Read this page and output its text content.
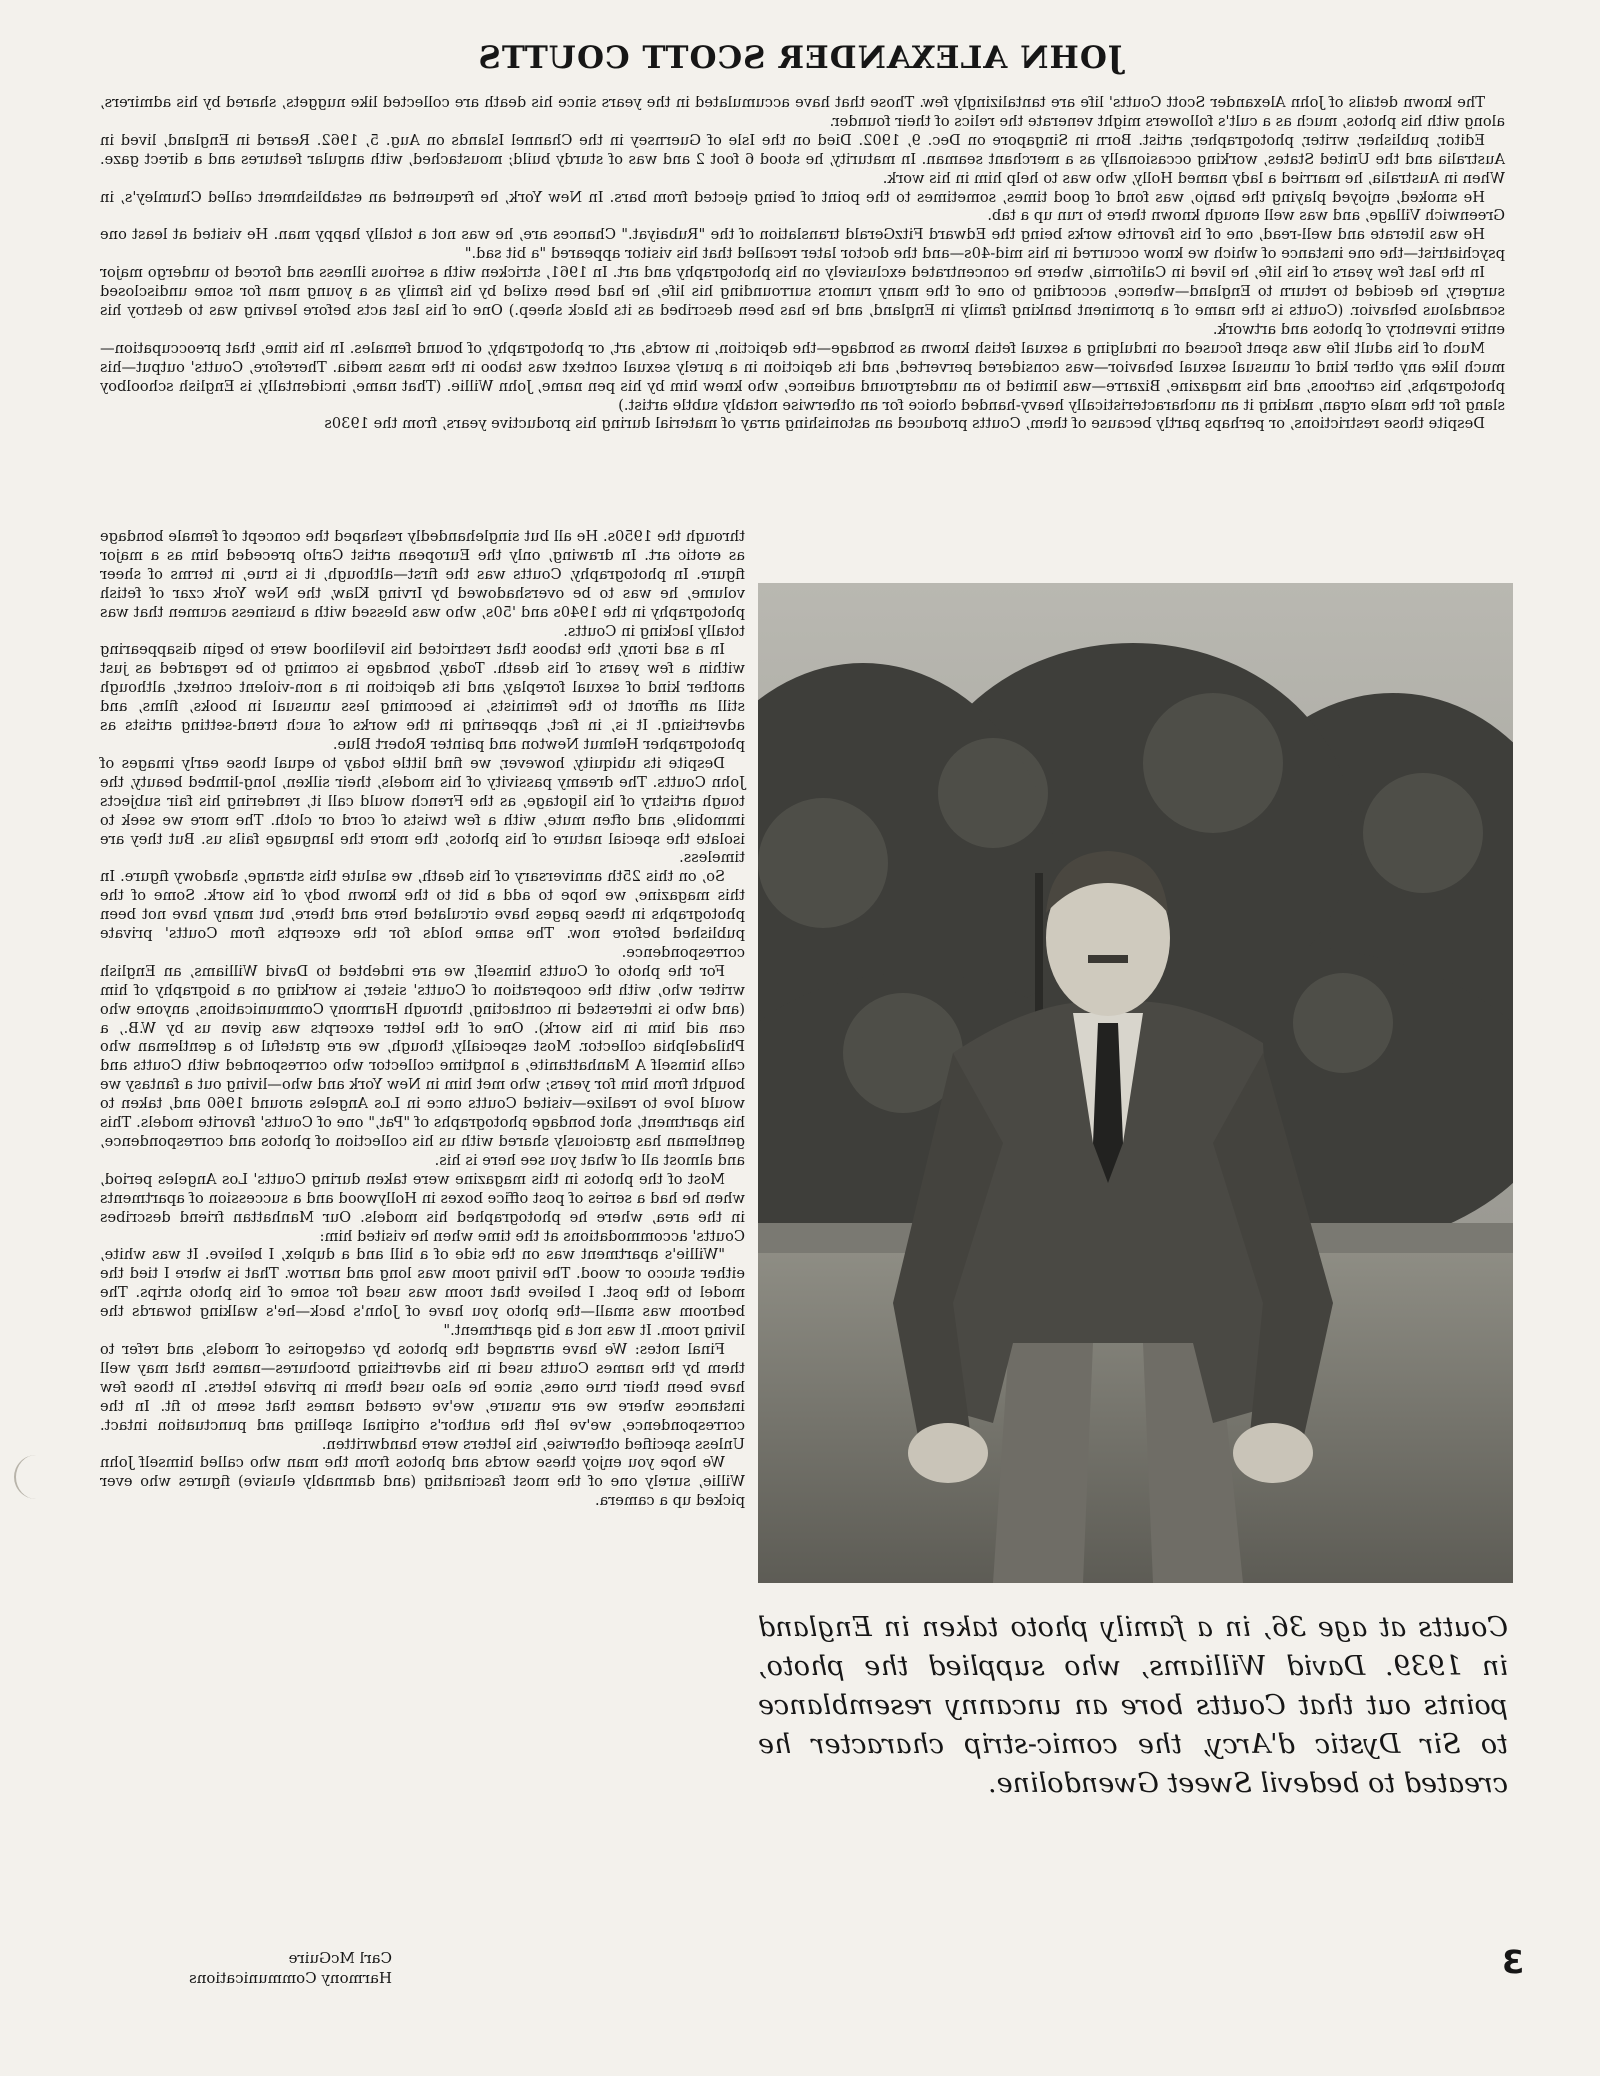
JOHN ALEXANDER SCOTT COUTTS

The known details of John Alexander Scott Coutts' life are tantalizingly few. Those that have accumulated in the years since his death are collected like nuggets, shared by his admirers, along with his photos, much as a cult's followers might venerate the relics of their founder.

Editor, publisher, writer, photographer, artist. Born in Singapore on Dec. 9, 1902. Died on the Isle of Guernsey in the Channel Islands on Aug. 5, 1962. Reared in England, lived in Australia and the United States, working occasionally as a merchant seaman. In maturity, he stood 6 foot 2 and was of sturdy build; moustached, with angular features and a direct gaze. When in Australia, he married a lady named Holly, who was to help him in his work.

He smoked, enjoyed playing the banjo, was fond of good times, sometimes to the point of being ejected from bars. In New York, he frequented an establishment called Chumley's, in Greenwich Village, and was well enough known there to run up a tab.

He was literate and well-read, one of his favorite works being the Edward FitzGerald translation of the "Rubaiyat." Chances are, he was not a totally happy man. He visited at least one psychiatrist—the one instance of which we know occurred in his mid-40s—and the doctor later recalled that his visitor appeared "a bit sad."

In the last few years of his life, he lived in California, where he concentrated exclusively on his photography and art. In 1961, stricken with a serious illness and forced to undergo major surgery, he decided to return to England—whence, according to one of the many rumors surrounding his life, he had been exiled by his family as a young man for some undisclosed scandalous behavior. (Coutts is the name of a prominent banking family in England, and he has been described as its black sheep.) One of his last acts before leaving was to destroy his entire inventory of photos and artwork.

Much of his adult life was spent focused on indulging a sexual fetish known as bondage—the depiction, in words, art, or photography, of bound females. In his time, that preoccupation—much like any other kind of unusual sexual behavior—was considered perverted, and its depiction in a purely sexual context was taboo in the mass media. Therefore, Coutts' output—his photographs, his cartoons, and his magazine, Bizarre—was limited to an underground audience, who knew him by his pen name, John Willie. (That name, incidentally, is English schoolboy slang for the male organ, making it an uncharacteristically heavy-handed choice for an otherwise notably subtle artist.)

Despite those restrictions, or perhaps partly because of them, Coutts produced an astonishing array of material during his productive years, from the 1930s

through the 1950s. He all but singlehandedly reshaped the concept of female bondage as erotic art. In drawing, only the European artist Carlo preceded him as a major figure. In photography, Coutts was the first—although, it is true, in terms of sheer volume, he was to be overshadowed by Irving Klaw, the New York czar of fetish photography in the 1940s and '50s, who was blessed with a business acumen that was totally lacking in Coutts.

In a sad irony, the taboos that restricted his livelihood were to begin disappearing within a few years of his death. Today, bondage is coming to be regarded as just another kind of sexual foreplay, and its depiction in a non-violent context, although still an affront to the feminists, is becoming less unusual in books, films, and advertising. It is, in fact, appearing in the works of such trend-setting artists as photographer Helmut Newton and painter Robert Blue.

Despite its ubiquity, however, we find little today to equal those early images of John Coutts. The dreamy passivity of his models, their silken, long-limbed beauty, the tough artistry of his ligotage, as the French would call it, rendering his fair subjects immobile, and often mute, with a few twists of cord or cloth. The more we seek to isolate the special nature of his photos, the more the language fails us. But they are timeless.

So, on this 25th anniversary of his death, we salute this strange, shadowy figure. In this magazine, we hope to add a bit to the known body of his work. Some of the photographs in these pages have circulated here and there, but many have not been published before now. The same holds for the excerpts from Coutts' private correspondence.

For the photo of Coutts himself, we are indebted to David Williams, an English writer who, with the cooperation of Coutts' sister, is working on a biography of him (and who is interested in contacting, through Harmony Communications, anyone who can aid him in his work). One of the letter excerpts was given us by W.B., a Philadelphia collector. Most especially, though, we are grateful to a gentleman who calls himself A Manhattanite, a longtime collector who corresponded with Coutts and bought from him for years; who met him in New York and who—living out a fantasy we would love to realize—visited Coutts once in Los Angeles around 1960 and, taken to his apartment, shot bondage photographs of "Pat," one of Coutts' favorite models. This gentleman has graciously shared with us his collection of photos and correspondence, and almost all of what you see here is his.

Most of the photos in this magazine were taken during Coutts' Los Angeles period, when he had a series of post office boxes in Hollywood and a succession of apartments in the area, where he photographed his models. Our Manhattan friend describes Coutts' accommodations at the time when he visited him:

"Willie's apartment was on the side of a hill and a duplex, I believe. It was white, either stucco or wood. The living room was long and narrow. That is where I tied the model to the post. I believe that room was used for some of his photo strips. The bedroom was small—the photo you have of John's back—he's walking towards the living room. It was not a big apartment."

Final notes: We have arranged the photos by categories of models, and refer to them by the names Coutts used in his advertising brochures—names that may well have been their true ones, since he also used them in private letters. In those few instances where we are unsure, we've created names that seem to fit. In the correspondence, we've left the author's original spelling and punctuation intact. Unless specified otherwise, his letters were handwritten.

We hope you enjoy these words and photos from the man who called himself John Willie, surely one of the most fascinating (and damnably elusive) figures who ever picked up a camera.

Coutts at age 36, in a family photo taken in England in 1939. David Williams, who supplied the photo, points out that Coutts bore an uncanny resemblance to Sir Dystic d'Arcy, the comic-strip character he created to bedevil Sweet Gwendoline.
3
Carl McGuire
Harmony Communications
